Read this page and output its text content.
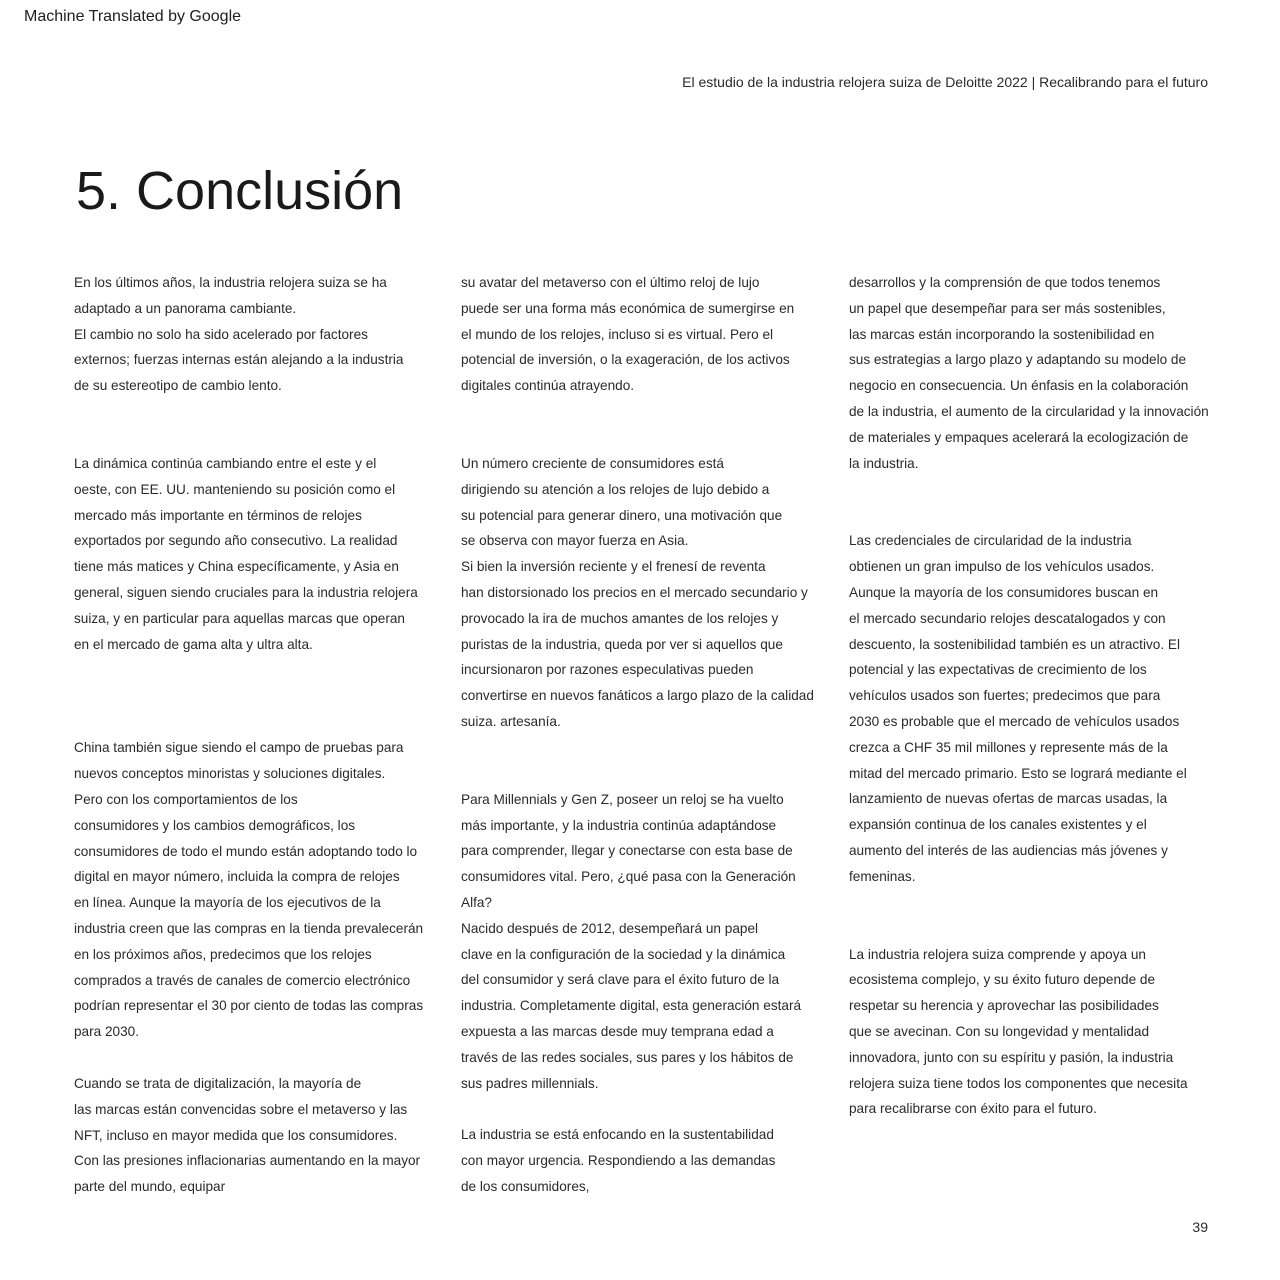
Machine Translated by Google
El estudio de la industria relojera suiza de Deloitte 2022 | Recalibrando para el futuro
5. Conclusión

En los últimos años, la industria relojera suiza se ha
adaptado a un panorama cambiante.
El cambio no solo ha sido acelerado por factores
externos; fuerzas internas están alejando a la industria
de su estereotipo de cambio lento.

La dinámica continúa cambiando entre el este y el
oeste, con EE. UU. manteniendo su posición como el
mercado más importante en términos de relojes
exportados por segundo año consecutivo. La realidad
tiene más matices y China específicamente, y Asia en
general, siguen siendo cruciales para la industria relojera
suiza, y en particular para aquellas marcas que operan
en el mercado de gama alta y ultra alta.

China también sigue siendo el campo de pruebas para
nuevos conceptos minoristas y soluciones digitales.
Pero con los comportamientos de los
consumidores y los cambios demográficos, los
consumidores de todo el mundo están adoptando todo lo
digital en mayor número, incluida la compra de relojes
en línea. Aunque la mayoría de los ejecutivos de la
industria creen que las compras en la tienda prevalecerán
en los próximos años, predecimos que los relojes
comprados a través de canales de comercio electrónico
podrían representar el 30 por ciento de todas las compras
para 2030.

Cuando se trata de digitalización, la mayoría de
las marcas están convencidas sobre el metaverso y las
NFT, incluso en mayor medida que los consumidores.
Con las presiones inflacionarias aumentando en la mayor
parte del mundo, equipar

su avatar del metaverso con el último reloj de lujo
puede ser una forma más económica de sumergirse en
el mundo de los relojes, incluso si es virtual. Pero el
potencial de inversión, o la exageración, de los activos
digitales continúa atrayendo.

Un número creciente de consumidores está
dirigiendo su atención a los relojes de lujo debido a
su potencial para generar dinero, una motivación que
se observa con mayor fuerza en Asia.
Si bien la inversión reciente y el frenesí de reventa
han distorsionado los precios en el mercado secundario y
provocado la ira de muchos amantes de los relojes y
puristas de la industria, queda por ver si aquellos que
incursionaron por razones especulativas pueden
convertirse en nuevos fanáticos a largo plazo de la calidad
suiza. artesanía.

Para Millennials y Gen Z, poseer un reloj se ha vuelto
más importante, y la industria continúa adaptándose
para comprender, llegar y conectarse con esta base de
consumidores vital. Pero, ¿qué pasa con la Generación
Alfa?
Nacido después de 2012, desempeñará un papel
clave en la configuración de la sociedad y la dinámica
del consumidor y será clave para el éxito futuro de la
industria. Completamente digital, esta generación estará
expuesta a las marcas desde muy temprana edad a
través de las redes sociales, sus pares y los hábitos de
sus padres millennials.

La industria se está enfocando en la sustentabilidad
con mayor urgencia. Respondiendo a las demandas
de los consumidores,

desarrollos y la comprensión de que todos tenemos
un papel que desempeñar para ser más sostenibles,
las marcas están incorporando la sostenibilidad en
sus estrategias a largo plazo y adaptando su modelo de
negocio en consecuencia. Un énfasis en la colaboración
de la industria, el aumento de la circularidad y la innovación
de materiales y empaques acelerará la ecologización de
la industria.

Las credenciales de circularidad de la industria
obtienen un gran impulso de los vehículos usados.
Aunque la mayoría de los consumidores buscan en
el mercado secundario relojes descatalogados y con
descuento, la sostenibilidad también es un atractivo. El
potencial y las expectativas de crecimiento de los
vehículos usados son fuertes; predecimos que para
2030 es probable que el mercado de vehículos usados
crezca a CHF 35 mil millones y represente más de la
mitad del mercado primario. Esto se logrará mediante el
lanzamiento de nuevas ofertas de marcas usadas, la
expansión continua de los canales existentes y el
aumento del interés de las audiencias más jóvenes y
femeninas.

La industria relojera suiza comprende y apoya un
ecosistema complejo, y su éxito futuro depende de
respetar su herencia y aprovechar las posibilidades
que se avecinan. Con su longevidad y mentalidad
innovadora, junto con su espíritu y pasión, la industria
relojera suiza tiene todos los componentes que necesita
para recalibrarse con éxito para el futuro.

39
